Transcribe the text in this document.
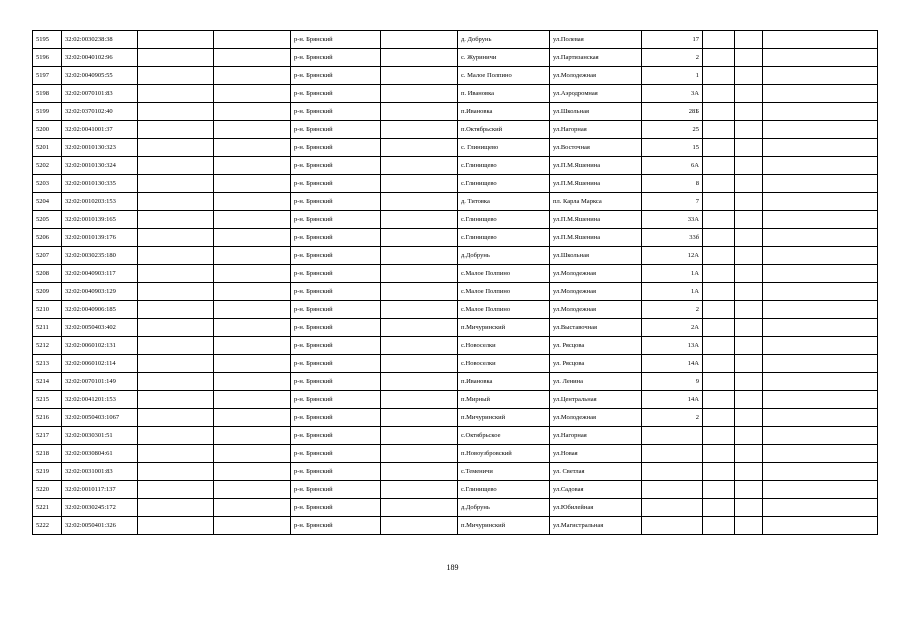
5195	32:02:0030238:38			р-н. Брянский		д. Добрунь	ул.Полевая	17			
5196	32:02:0040102:96			р-н. Брянский		с. Журиничи	ул.Партизанская	2			
5197	32:02:0040905:55			р-н. Брянский		с. Малое Полпино	ул.Молодежная	1			
5198	32:02:0070101:83			р-н. Брянский		п. Ивановка	ул.Аэродромная	3А			
5199	32:02:0370102:40			р-н. Брянский		п.Ивановка	ул.Школьная	28Б			
5200	32:02:0041001:37			р-н. Брянский		п.Октябрьский	ул.Нагорная	25			
5201	32:02:0010130:323			р-н. Брянский		с. Глинищево	ул.Восточная	15			
5202	32:02:0010130:324			р-н. Брянский		с.Глинищево	ул.П.М.Яшенина	6А			
5203	32:02:0010130:335			р-н. Брянский		с.Глинищево	ул.П.М.Яшенина	8			
5204	32:02:0010203:153			р-н. Брянский		д. Титовка	пл. Карла Маркса	7			
5205	32:02:0010139:165			р-н. Брянский		с.Глинищево	ул.П.М.Яшенина	33А			
5206	32:02:0010139:176			р-н. Брянский		с.Глинищево	ул.П.М.Яшенина	33б			
5207	32:02:0030235:180			р-н. Брянский		д.Добрунь	ул.Школьная	12А			
5208	32:02:0040903:117			р-н. Брянский		с.Малое Полпино	ул.Молодежная	1А			
5209	32:02:0040903:129			р-н. Брянский		с.Малое Полпино	ул.Молодежная	1А			
5210	32:02:0040906:185			р-н. Брянский		с.Малое Полпино	ул.Молодежная	2			
5211	32:02:0050403:402			р-н. Брянский		п.Мичуринский	ул.Выставочная	2А			
5212	32:02:0060102:131			р-н. Брянский		с.Новоселки	ул. Рясцова	13А			
5213	32:02:0060102:114			р-н. Брянский		с.Новоселки	ул. Рясцова	14А			
5214	32:02:0070101:149			р-н. Брянский		п.Ивановка	ул. Ленина	9			
5215	32:02:0041201:153			р-н. Брянский		п.Мирный	ул.Центральная	14А			
5216	32:02:0050403:1067			р-н. Брянский		п.Мичуринский	ул.Молодежная	2			
5217	32:02:0030301:51			р-н. Брянский		с.Октябрьское	ул.Нагорная				
5218	32:02:0030804:61			р-н. Брянский		п.Новоузбровский	ул.Новая				
5219	32:02:0031001:83			р-н. Брянский		с.Теменичи	ул. Светлая				
5220	32:02:0010117:137			р-н. Брянский		с.Глинищево	ул.Садовая				
5221	32:02:0030245:172			р-н. Брянский		д.Добрунь	ул.Юбилейная				
5222	32:02:0050401:326			р-н. Брянский		п.Мичуринский	ул.Магистральная				
189
